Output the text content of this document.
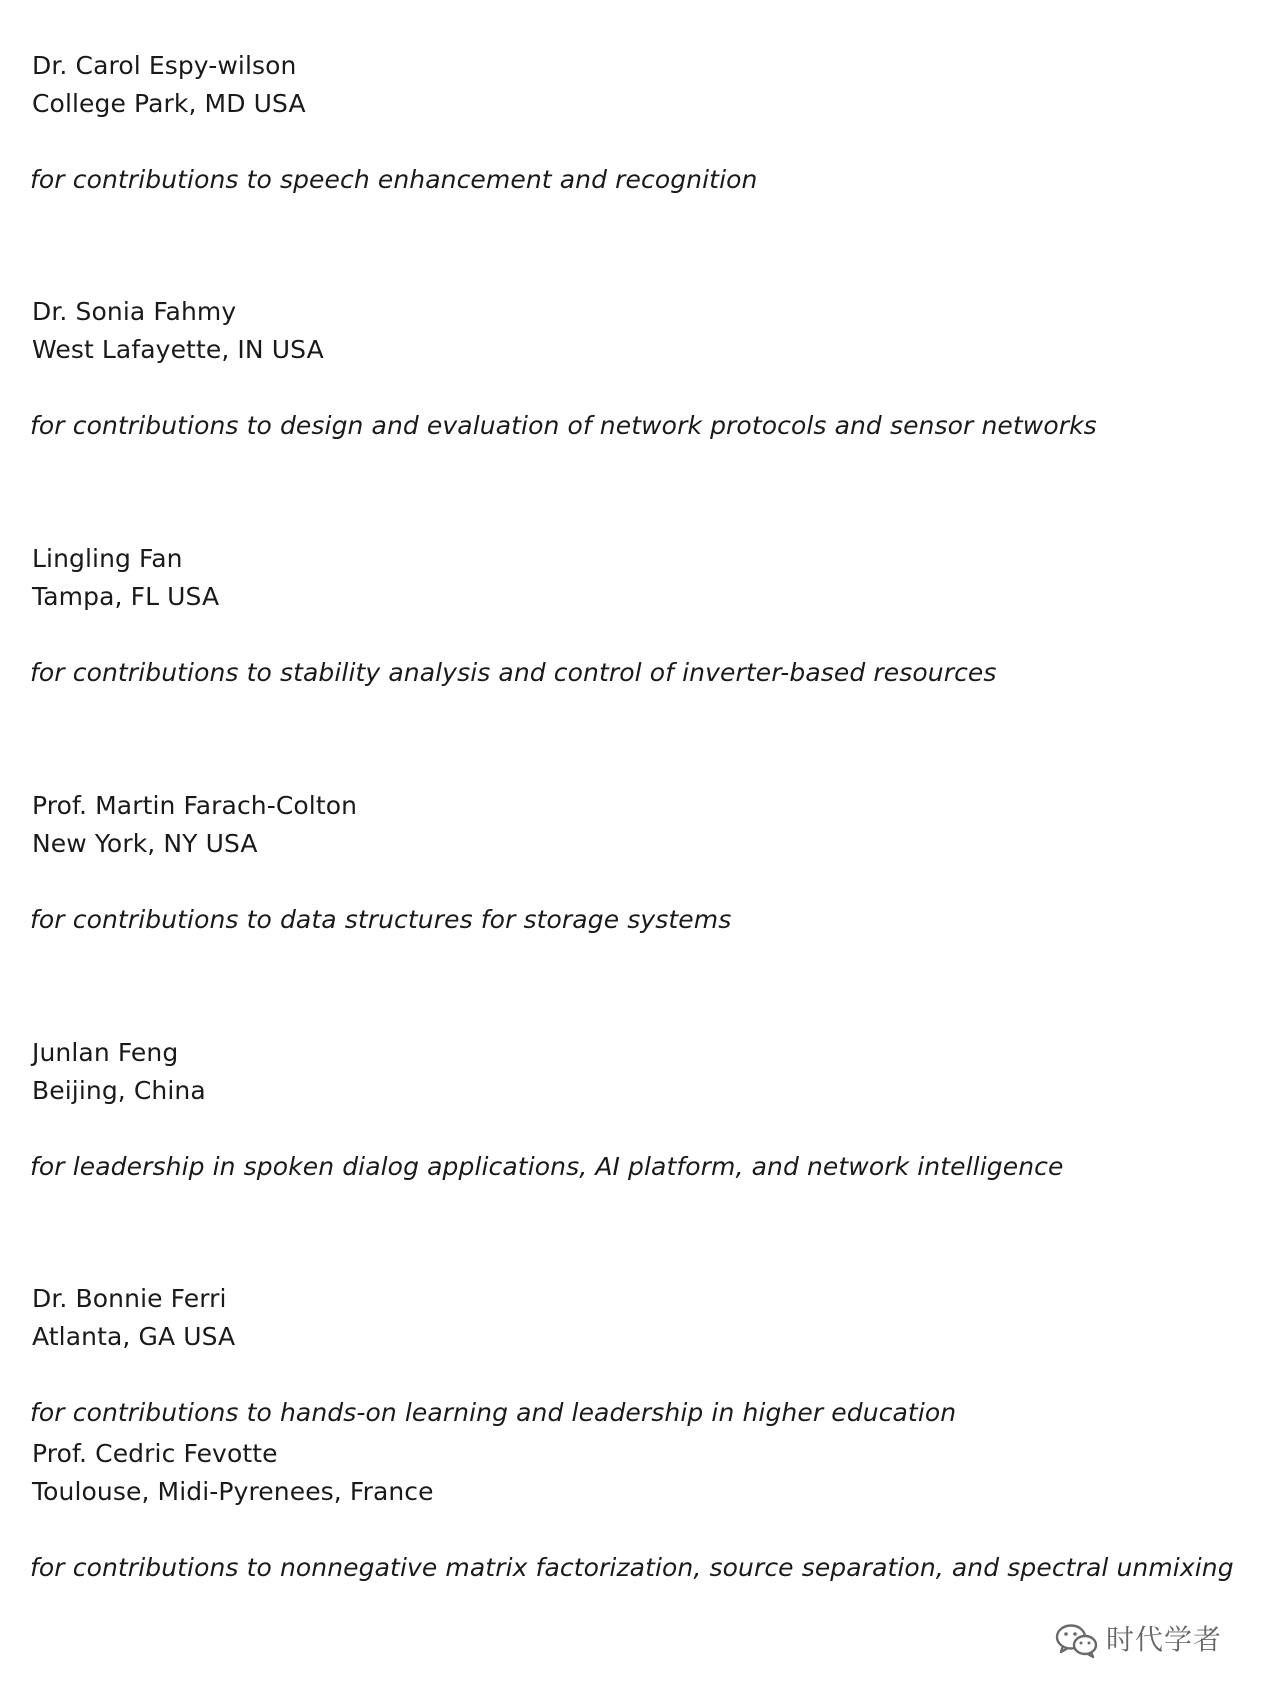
Dr. Carol Espy-wilson
College Park, MD USA
for contributions to speech enhancement and recognition
Dr. Sonia Fahmy
West Lafayette, IN USA
for contributions to design and evaluation of network protocols and sensor networks
Lingling Fan
Tampa, FL USA
for contributions to stability analysis and control of inverter-based resources
Prof. Martin Farach-Colton
New York, NY USA
for contributions to data structures for storage systems
Junlan Feng
Beijing, China
for leadership in spoken dialog applications, AI platform, and network intelligence
Dr. Bonnie Ferri
Atlanta, GA USA
for contributions to hands-on learning and leadership in higher education
Prof. Cedric Fevotte
Toulouse, Midi-Pyrenees, France
for contributions to nonnegative matrix factorization, source separation, and spectral unmixing
时代学者
